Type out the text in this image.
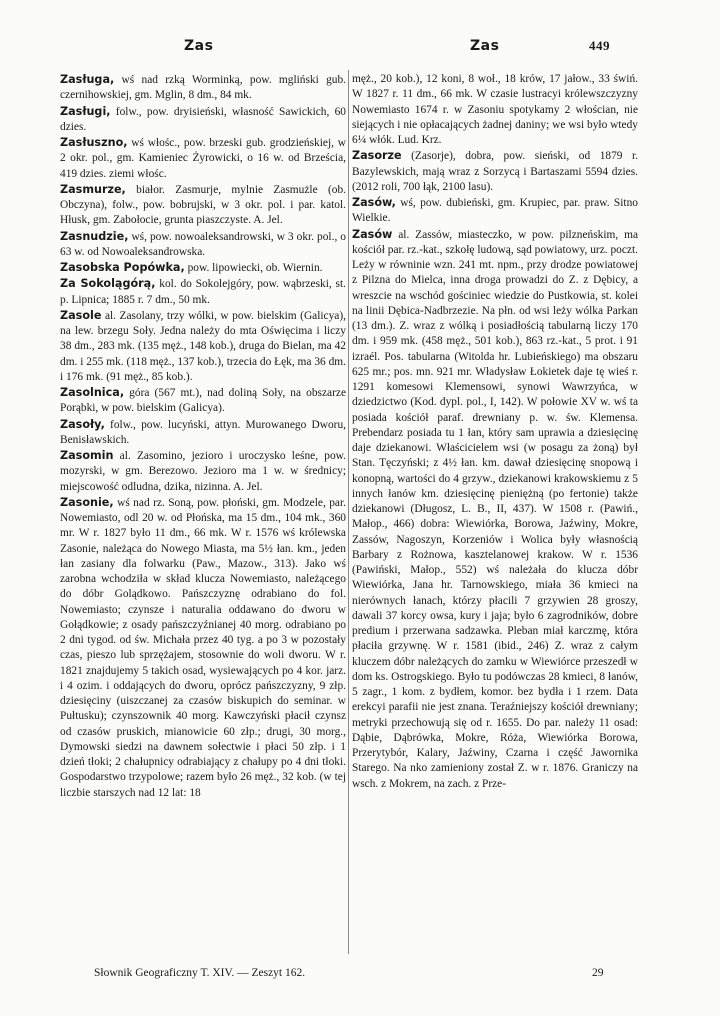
Zas	Zas	449

Zasługa, wś nad rzką Worminką, pow. mgliński gub. czernihowskiej, gm. Mglin, 8 dm., 84 mk.

Zasługi, folw., pow. dryisieński, własność Sawickich, 60 dzies.

Zasłuszno, wś włośc., pow. brzeski gub. grodzieńskiej, w 2 okr. pol., gm. Kamieniec Żyrowicki, o 16 w. od Brześcia, 419 dzies. ziemi włośc.

Zasmurze, białor. Zasmurje, mylnie Zasmużle (ob. Obczyna), folw., pow. bobrujski, w 3 okr. pol. i par. katol. Hłusk, gm. Zabołocie, grunta piaszczyste. A. Jel.

Zasnudzie, wś, pow. nowoaleksandrowski, w 3 okr. pol., o 63 w. od Nowoaleksandrowska.

Zasobska Popówka, pow. lipowiecki, ob. Wiernin.

Za Sokolągórą, kol. do Sokolejgóry, pow. wąbrzeski, st. p. Lipnica; 1885 r. 7 dm., 50 mk.

Zasole al. Zasolany, trzy wólki, w pow. bielskim (Galicya), na lew. brzegu Soły. Jedna należy do mta Oświęcima i liczy 38 dm., 283 mk. (135 męż., 148 kob.), druga do Bielan, ma 42 dm. i 255 mk. (118 męż., 137 kob.), trzecia do Łęk, ma 36 dm. i 176 mk. (91 męż., 85 kob.).

Zasolnica, góra (567 mt.), nad doliną Soły, na obszarze Porąbki, w pow. bielskim (Galicya).

Zasoły, folw., pow. lucyński, attyn. Murowanego Dworu, Benisławskich.

Zasomin al. Zasomino, jezioro i uroczysko leśne, pow. mozyrski, w gm. Berezowo. Jezioro ma 1 w. w średnicy; miejscowość odludna, dzika, nizinna. A. Jel.

Zasonie, wś nad rz. Soną, pow. płoński, gm. Modzele, par. Nowemiasto, odl 20 w. od Płońska, ma 15 dm., 104 mk., 360 mr. W r. 1827 było 11 dm., 66 mk. W r. 1576 wś królewska Zasonie, należąca do Nowego Miasta, ma 5½ łan. km., jeden łan zasiany dla folwarku (Paw., Mazow., 313). Jako wś zarobna wchodziła w skład klucza Nowemiasto, należącego do dóbr Golądkowo. Pańszczyznę odrabiano do fol. Nowemiasto; czynsze i naturalia oddawano do dworu w Gołądkowie; z osady pańszczyźnianej 40 morg. odrabiano po 2 dni tygod. od św. Michała przez 40 tyg. a po 3 w pozostały czas, pieszo lub sprzężajem, stosownie do woli dworu. W r. 1821 znajdujemy 5 takich osad, wysiewających po 4 kor. jarz. i 4 ozim. i oddających do dworu, oprócz pańszczyzny, 9 złp. dziesięciny (uiszczanej za czasów biskupich do seminar. w Pułtusku); czynszownik 40 morg. Kawczyński płacił czynsz od czasów pruskich, mianowicie 60 złp.; drugi, 30 morg., Dymowski siedzi na dawnem sołectwie i płaci 50 złp. i 1 dzień tłoki; 2 chałupnicy odrabiający z chałupy po 4 dni tłoki. Gospodarstwo trzypolowe; razem było 26 męż., 32 kob. (w tej liczbie starszych nad 12 lat: 18

męż., 20 kob.), 12 koni, 8 woł., 18 krów, 17 jałow., 33 świń. W 1827 r. 11 dm., 66 mk. W czasie lustracyi królewszczyzny Nowemiasto 1674 r. w Zasoniu spotykamy 2 włościan, nie siejących i nie opłacających żadnej daniny; we wsi było wtedy 6¼ włók. Lud. Krz.

Zasorze (Zasorje), dobra, pow. sieński, od 1879 r. Bazylewskich, mają wraz z Sorzycą i Bartaszami 5594 dzies. (2012 roli, 700 łąk, 2100 lasu).

Zasów, wś, pow. dubieński, gm. Krupiec, par. praw. Sitno Wielkie.

Zasów al. Zassów, miasteczko, w pow. pilzneńskim, ma kościół par. rz.-kat., szkołę ludową, sąd powiatowy, urz. poczt. Leży w równinie wzn. 241 mt. npm., przy drodze powiatowej z Pilzna do Mielca, inna droga prowadzi do Z. z Dębicy, a wreszcie na wschód gościniec wiedzie do Pustkowia, st. kolei na linii Dębica-Nadbrzezie. Na płn. od wsi leży wólka Parkan (13 dm.). Z. wraz z wólką i posiadłością tabularną liczy 170 dm. i 959 mk. (458 męż., 501 kob.), 863 rz.-kat., 5 prot. i 91 izraél. Pos. tabularna (Witolda hr. Lubieńskiego) ma obszaru 625 mr.; pos. mn. 921 mr. Władysław Łokietek daje tę wieś r. 1291 komesowi Klemensowi, synowi Wawrzyńca, w dziedzictwo (Kod. dypl. pol., I, 142). W połowie XV w. wś ta posiada kościół paraf. drewniany p. w. św. Klemensa. Prebendarz posiada tu 1 łan, który sam uprawia a dziesięcinę daje dziekanowi. Właścicielem wsi (w posagu za żoną) był Stan. Tęczyński; z 4½ łan. km. dawał dziesięcinę snopową i konopną, wartości do 4 grzyw., dziekanowi krakowskiemu z 5 innych łanów km. dziesięcinę pieniężną (po fertonie) także dziekanowi (Długosz, L. B., II, 437). W 1508 r. (Pawiń., Małop., 466) dobra: Wiewiórka, Borowa, Jaźwiny, Mokre, Zassów, Nagoszyn, Korzeniów i Wolica były własnością Barbary z Rożnowa, kasztelanowej krakow. W r. 1536 (Pawiński, Małop., 552) wś należała do klucza dóbr Wiewiórka, Jana hr. Tarnowskiego, miała 36 kmieci na nierównych łanach, którzy płacili 7 grzywien 28 groszy, dawali 37 korcy owsa, kury i jaja; było 6 zagrodników, dobre predium i przerwana sadzawka. Pleban miał karczmę, która płaciła grzywnę. W r. 1581 (ibid., 246) Z. wraz z całym kluczem dóbr należących do zamku w Wiewiórce przeszedł w dom ks. Ostrogskiego. Było tu podówczas 28 kmieci, 8 łanów, 5 zagr., 1 kom. z bydłem, komor. bez bydła i 1 rzem. Data erekcyi parafii nie jest znana. Teraźniejszy kościół drewniany; metryki przechowują się od r. 1655. Do par. należy 11 osad: Dąbie, Dąbrówka, Mokre, Róża, Wiewiórka Borowa, Przerytybór, Kalary, Jaźwiny, Czarna i część Jawornika Starego. Na nko zamieniony został Z. w r. 1876. Graniczy na wsch. z Mokrem, na zach. z Prze-

Słownik Geograficzny T. XIV. — Zeszyt 162.	29
